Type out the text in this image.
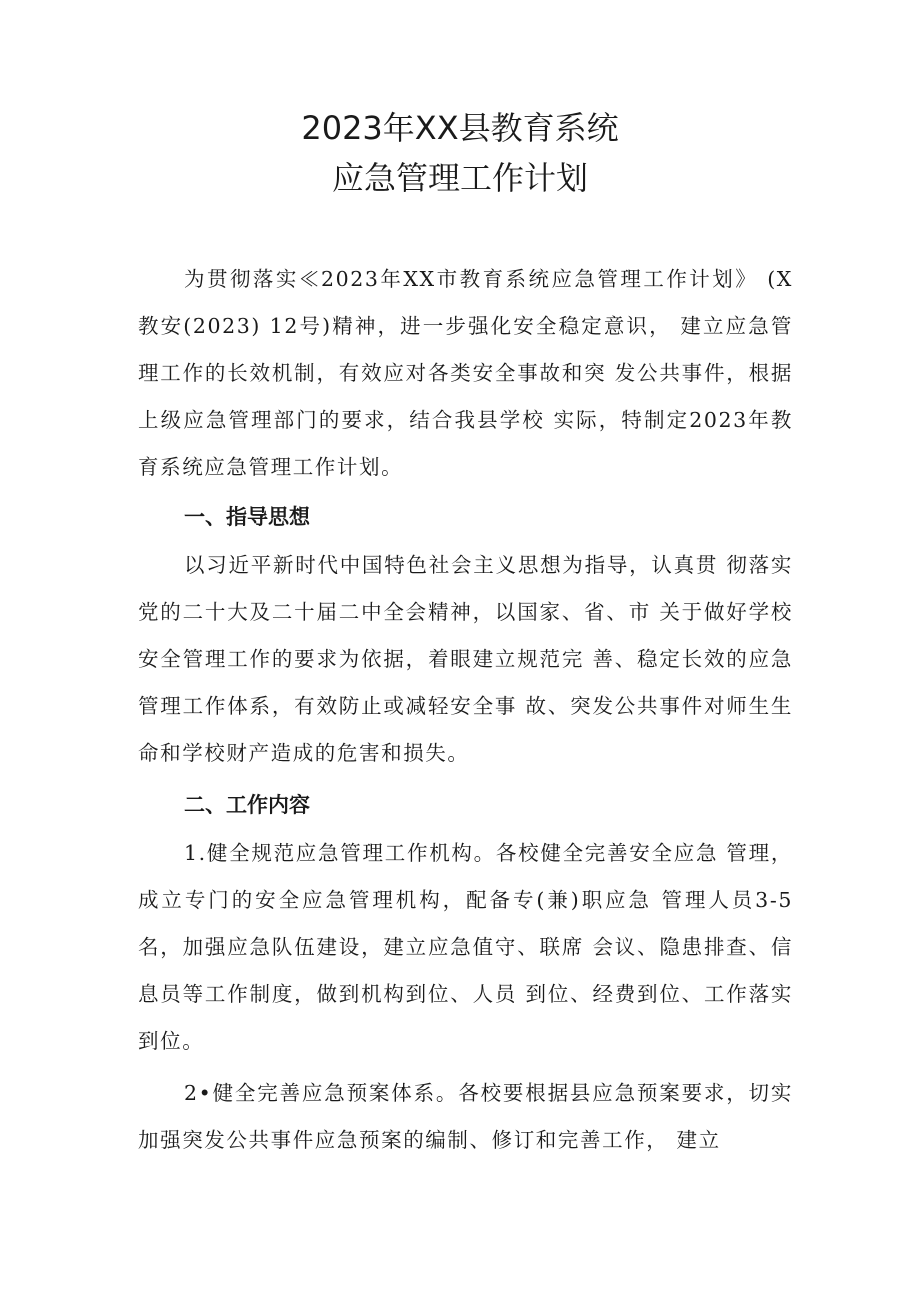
2023年XX县教育系统
应急管理工作计划

为贯彻落实≪2023年XX市教育系统应急管理工作计划》 (X教安(2023) 12号)精神，进一步强化安全稳定意识， 建立应急管理工作的长效机制，有效应对各类安全事故和突 发公共事件，根据上级应急管理部门的要求，结合我县学校 实际，特制定2023年教育系统应急管理工作计划。

一、指导思想

以习近平新时代中国特色社会主义思想为指导，认真贯 彻落实党的二十大及二十届二中全会精神，以国家、省、市 关于做好学校安全管理工作的要求为依据，着眼建立规范完 善、稳定长效的应急管理工作体系，有效防止或减轻安全事 故、突发公共事件对师生生命和学校财产造成的危害和损失。

二、工作内容

1.健全规范应急管理工作机构。各校健全完善安全应急 管理，成立专门的安全应急管理机构，配备专(兼)职应急 管理人员3-5名，加强应急队伍建设，建立应急值守、联席 会议、隐患排查、信息员等工作制度，做到机构到位、人员 到位、经费到位、工作落实到位。

2•健全完善应急预案体系。各校要根据县应急预案要求，切实加强突发公共事件应急预案的编制、修订和完善工作， 建立
